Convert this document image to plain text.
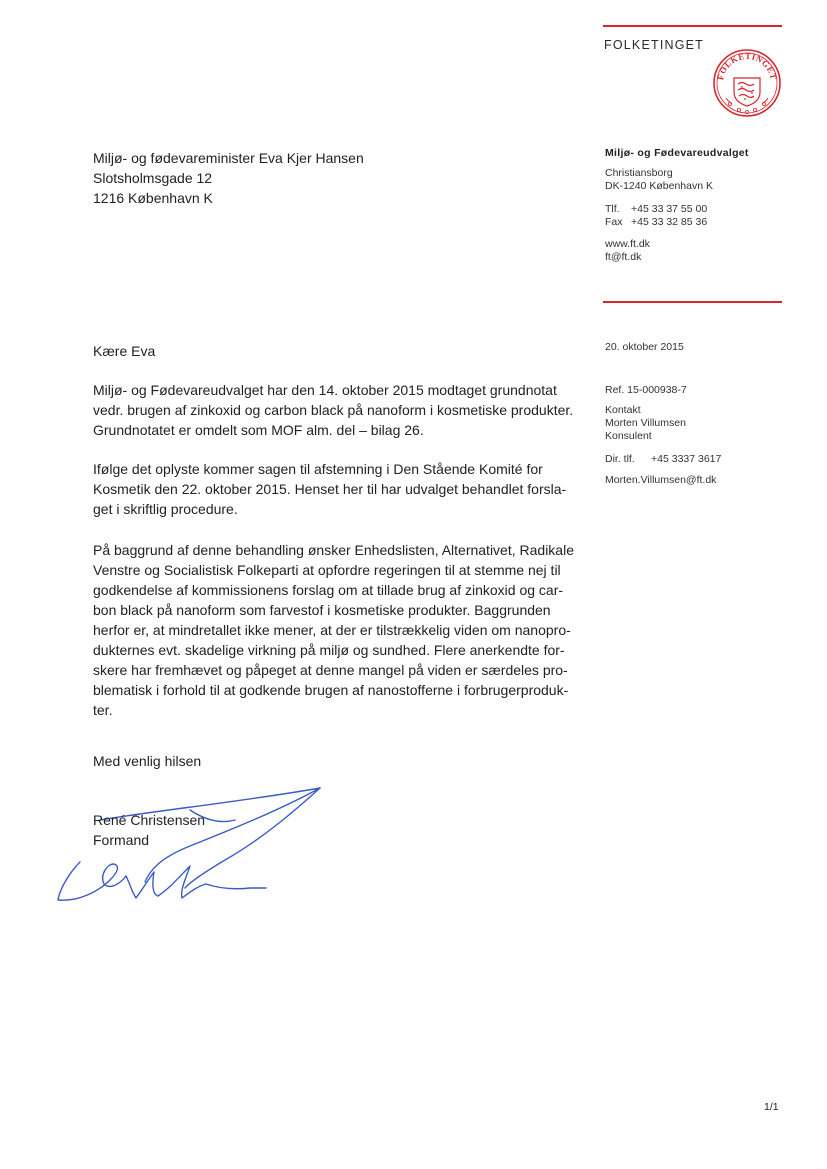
FOLKETINGET
FOLKETINGET
Miljø- og fødevareminister Eva Kjer Hansen
Slotsholmsgade 12
1216 København K
Miljø- og Fødevareudvalget
Christiansborg
DK-1240 København K
Tlf. +45 33 37 55 00
Fax +45 33 32 85 36
www.ft.dk
ft@ft.dk
20. oktober 2015
Ref. 15-000938-7
Kontakt
Morten Villumsen
Konsulent
Dir. tlf. +45 3337 3617
Morten.Villumsen@ft.dk
Kære Eva

Miljø- og Fødevareudvalget har den 14. oktober 2015 modtaget grundnotat

vedr. brugen af zinkoxid og carbon black på nanoform i kosmetiske produkter.

Grundnotatet er omdelt som MOF alm. del – bilag 26.

Ifølge det oplyste kommer sagen til afstemning i Den Stående Komité for

Kosmetik den 22. oktober 2015. Henset her til har udvalget behandlet forsla-

get i skriftlig procedure.

På baggrund af denne behandling ønsker Enhedslisten, Alternativet, Radikale

Venstre og Socialistisk Folkeparti at opfordre regeringen til at stemme nej til

godkendelse af kommissionens forslag om at tillade brug af zinkoxid og car-

bon black på nanoform som farvestof i kosmetiske produkter. Baggrunden

herfor er, at mindretallet ikke mener, at der er tilstrækkelig viden om nanopro-

dukternes evt. skadelige virkning på miljø og sundhed. Flere anerkendte for-

skere har fremhævet og påpeget at denne mangel på viden er særdeles pro-

blematisk i forhold til at godkende brugen af nanostofferne i forbrugerproduk-

ter.

Med venlig hilsen
René Christensen
Formand
1/1
